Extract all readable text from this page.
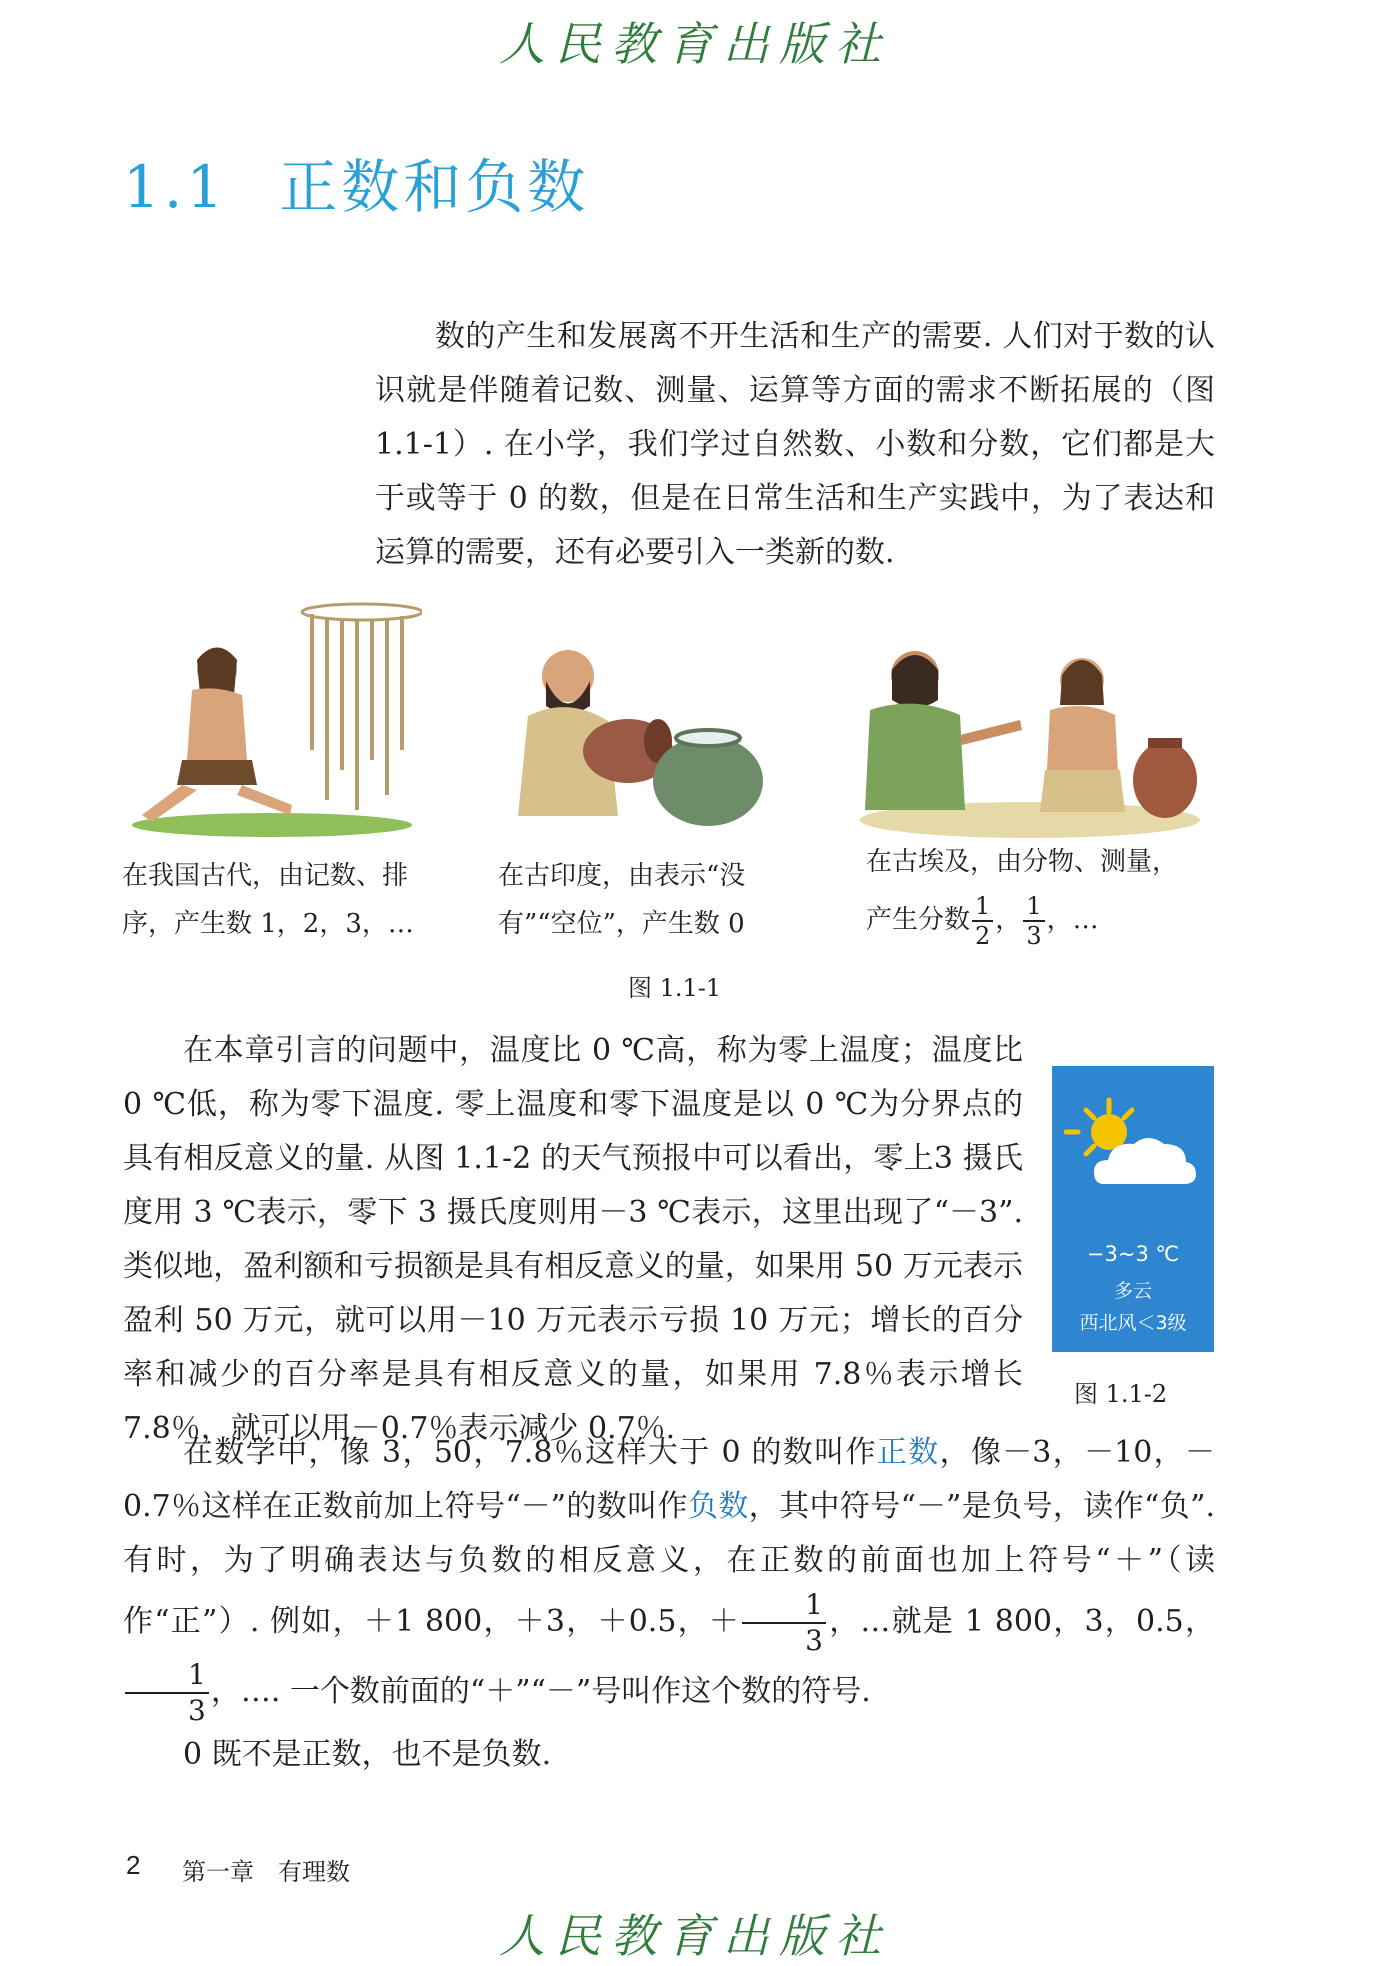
人民教育出版社
1.1 正数和负数
数的产生和发展离不开生活和生产的需要. 人们对于数的认识就是伴随着记数、测量、运算等方面的需求不断拓展的（图 1.1-1）. 在小学，我们学过自然数、小数和分数，它们都是大于或等于 0 的数，但是在日常生活和生产实践中，为了表达和运算的需要，还有必要引入一类新的数.
在我国古代，由记数、排
序，产生数 1，2，3，…
在古印度，由表示“没
有”“空位”，产生数 0
在古埃及，由分物、测量，
产生分数 $\frac{1}{2}$ ， $\frac{1}{3}$ ，…
图 1.1-1
在本章引言的问题中，温度比 0 ℃高，称为零上温度；温度比 0 ℃低，称为零下温度. 零上温度和零下温度是以 0 ℃为分界点的具有相反意义的量. 从图 1.1-2 的天气预报中可以看出，零上3 摄氏度用 3 ℃表示，零下 3 摄氏度则用－3 ℃表示，这里出现了“－3”. 类似地，盈利额和亏损额是具有相反意义的量，如果用 50 万元表示盈利 50 万元，就可以用－10 万元表示亏损 10 万元；增长的百分率和减少的百分率是具有相反意义的量，如果用 7.8％表示增长 7.8％，就可以用－0.7％表示减少 0.7％.
−3~3 ℃
多云
西北风＜3级
图 1.1-2
在数学中，像 3，50，7.8％这样大于 0 的数叫作正数，像－3，－10，－0.7％这样在正数前加上符号“－”的数叫作负数，其中符号“－”是负号，读作“负”. 有时，为了明确表达与负数的相反意义，在正数的前面也加上符号“＋”（读作“正”）. 例如，＋1 800，＋3，＋0.5，＋ $\frac{1}{3}$ ，…就是 1 800，3，0.5，
$\frac{1}{3}$ ，…. 一个数前面的“＋”“－”号叫作这个数的符号.
0 既不是正数，也不是负数.
2 第一章　有理数
人民教育出版社
